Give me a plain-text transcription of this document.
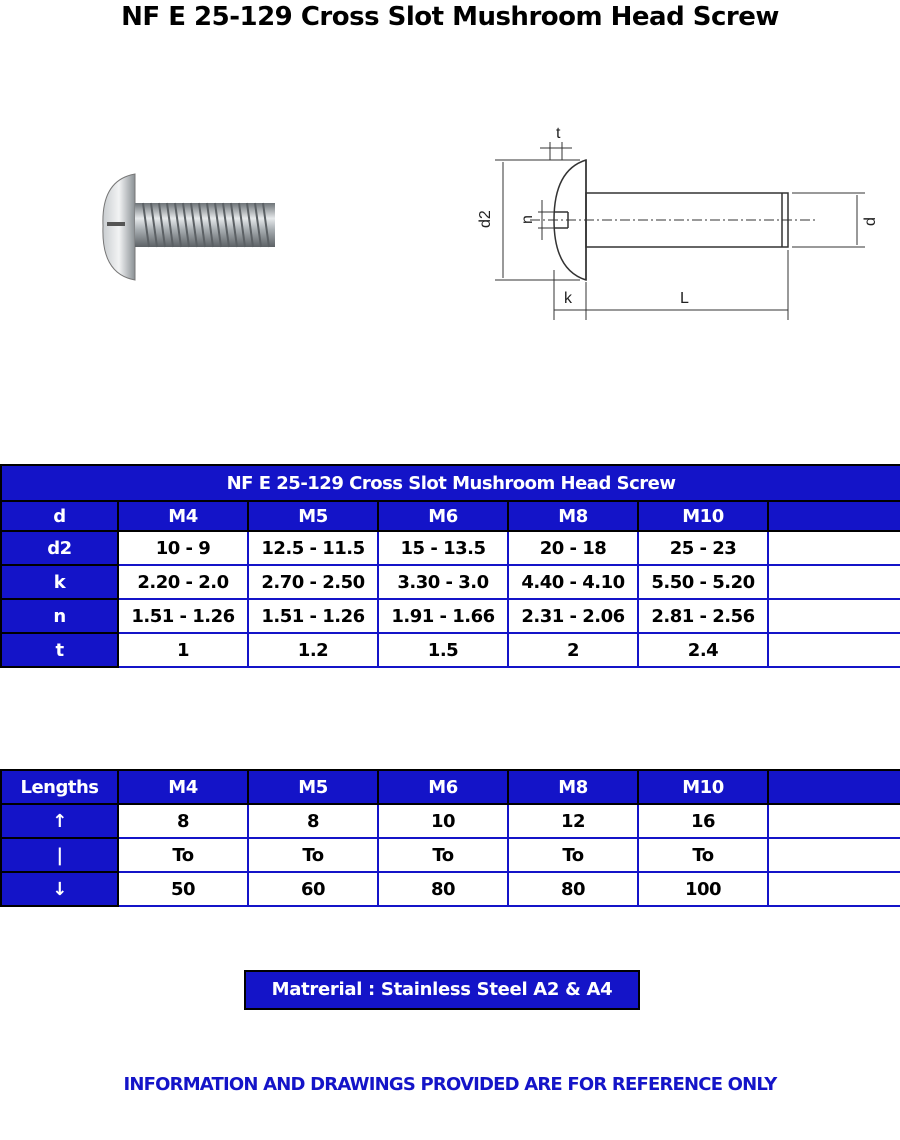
NF E 25-129 Cross Slot Mushroom Head Screw
d2
t
n	d
k	L
NF E 25-129 Cross Slot Mushroom Head Screw						
d	M4	M5	M6	M8	M10	
d2	10 - 9	12.5 - 11.5	15 - 13.5	20 - 18	25 - 23	
k	2.20 - 2.0	2.70 - 2.50	3.30 - 3.0	4.40 - 4.10	5.50 - 5.20	
n	1.51 - 1.26	1.51 - 1.26	1.91 - 1.66	2.31 - 2.06	2.81 - 2.56	
t	1	1.2	1.5	2	2.4	
Lengths	M4	M5	M6	M8	M10	
↑	8	8	10	12	16	
|	To	To	To	To	To	
↓	50	60	80	80	100	
Matrerial : Stainless Steel A2 & A4
INFORMATION AND DRAWINGS PROVIDED ARE FOR REFERENCE ONLY
